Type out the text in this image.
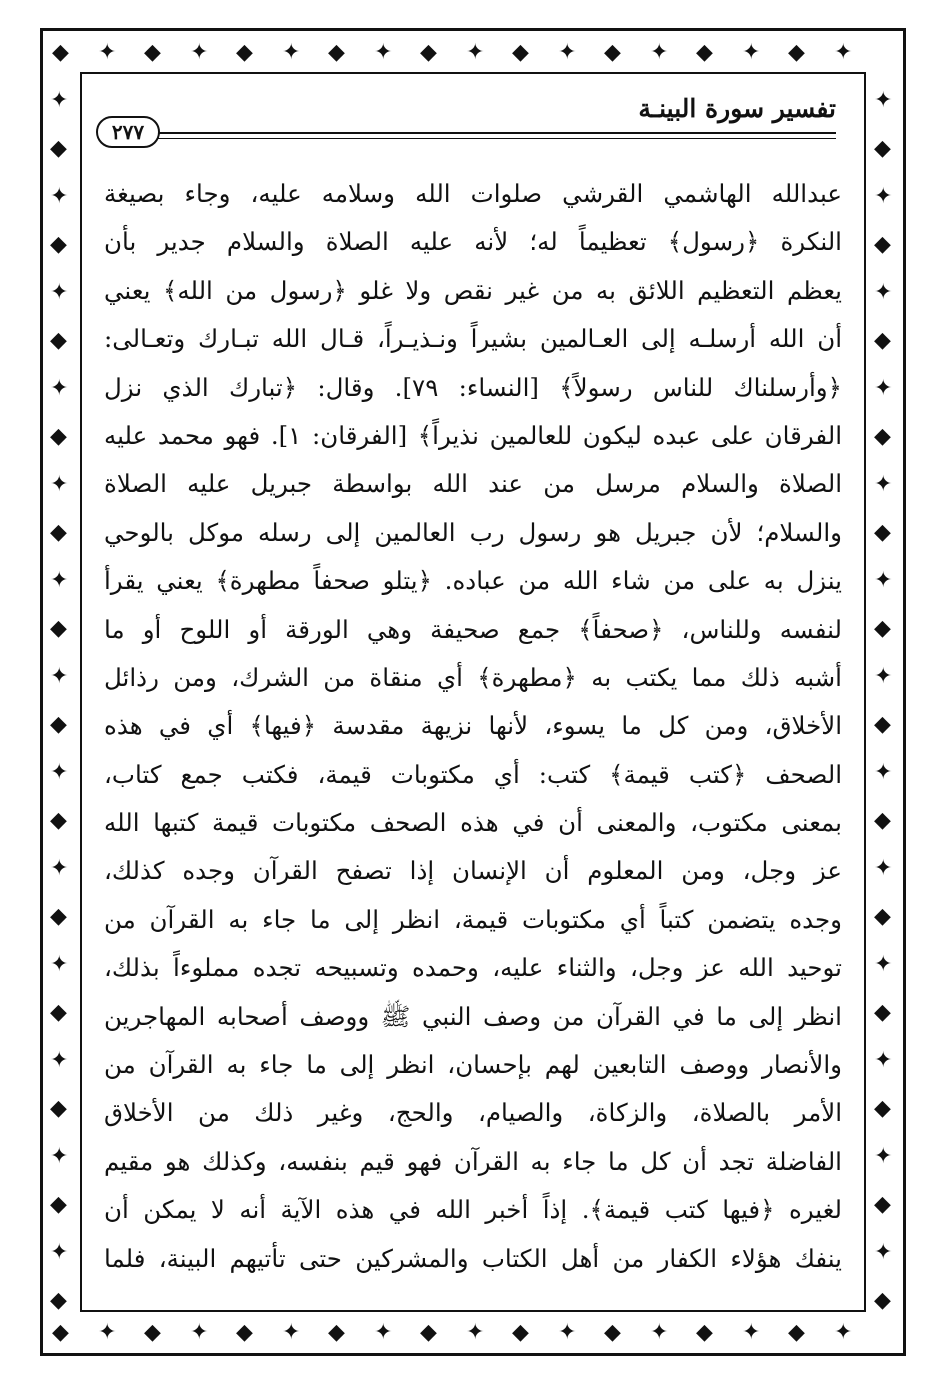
◆
◆
✦
✦
◆
◆
✦
✦
◆
◆
✦
✦
◆
◆
✦
✦
◆
◆
✦
✦
◆
◆
✦
✦
◆
◆
✦
✦
◆
◆
✦
✦
◆
◆
✦
✦
✦	✦
◆	◆
✦	✦
◆	◆
✦	✦
◆	◆
✦	✦
◆	◆
✦	✦
◆	◆
✦	✦
◆	◆
✦	✦
◆	◆
✦	✦
◆	◆
✦	✦
◆	◆
✦	✦
◆	◆
✦	✦
◆	◆
✦	✦
◆	◆
✦	✦
◆	◆
تفسير سورة البينـة
٢٧٧
عبدالله الهاشمي القرشي صلوات الله وسلامه عليه، وجاء بصيغة
النكرة ﴿رسول﴾ تعظيماً له؛ لأنه عليه الصلاة والسلام جدير بأن
يعظم التعظيم اللائق به من غير نقص ولا غلو ﴿رسول من الله﴾ يعني
أن الله أرسلـه إلى العـالمين بشيراً ونـذيـراً، قـال الله تبـارك وتعـالى:
﴿وأرسلناك للناس رسولاً﴾ [النساء: ٧٩]. وقال: ﴿تبارك الذي نزل
الفرقان على عبده ليكون للعالمين نذيراً﴾ [الفرقان: ١]. فهو محمد عليه
الصلاة والسلام مرسل من عند الله بواسطة جبريل عليه الصلاة
والسلام؛ لأن جبريل هو رسول رب العالمين إلى رسله موكل بالوحي
ينزل به على من شاء الله من عباده. ﴿يتلو صحفاً مطهرة﴾ يعني يقرأ
لنفسه وللناس، ﴿صحفاً﴾ جمع صحيفة وهي الورقة أو اللوح أو ما
أشبه ذلك مما يكتب به ﴿مطهرة﴾ أي منقاة من الشرك، ومن رذائل
الأخلاق، ومن كل ما يسوء، لأنها نزيهة مقدسة ﴿فيها﴾ أي في هذه
الصحف ﴿كتب قيمة﴾ كتب: أي مكتوبات قيمة، فكتب جمع كتاب،
بمعنى مكتوب، والمعنى أن في هذه الصحف مكتوبات قيمة كتبها الله
عز وجل، ومن المعلوم أن الإنسان إذا تصفح القرآن وجده كذلك،
وجده يتضمن كتباً أي مكتوبات قيمة، انظر إلى ما جاء به القرآن من
توحيد الله عز وجل، والثناء عليه، وحمده وتسبيحه تجده مملوءاً بذلك،
انظر إلى ما في القرآن من وصف النبي ﷺ ووصف أصحابه المهاجرين
والأنصار ووصف التابعين لهم بإحسان، انظر إلى ما جاء به القرآن من
الأمر بالصلاة، والزكاة، والصيام، والحج، وغير ذلك من الأخلاق
الفاضلة تجد أن كل ما جاء به القرآن فهو قيم بنفسه، وكذلك هو مقيم
لغيره ﴿فيها كتب قيمة﴾. إذاً أخبر الله في هذه الآية أنه لا يمكن أن
ينفك هؤلاء الكفار من أهل الكتاب والمشركين حتى تأتيهم البينة، فلما
